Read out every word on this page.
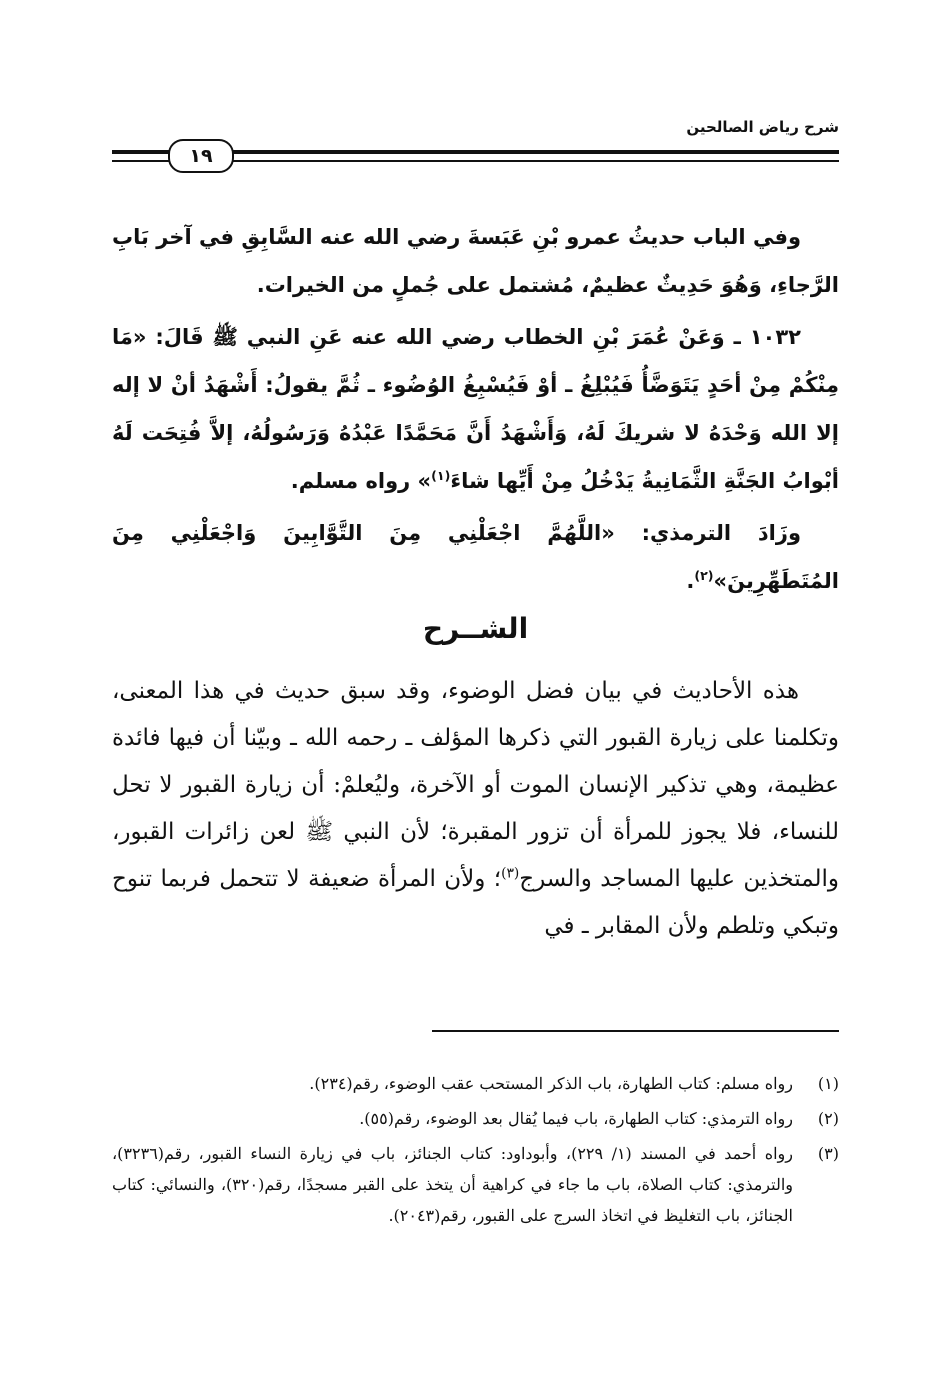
شرح رياض الصالحين
١٩

وفي الباب حديثُ عمرو بْنِ عَبَسةَ رضي الله عنه السَّابِقِ في آخر بَابِ الرَّجاءِ، وَهُوَ حَدِيثٌ عظيمٌ، مُشتمل على جُملٍ من الخيرات.

١٠٣٢ ـ وَعَنْ عُمَرَ بْنِ الخطاب رضي الله عنه عَنِ النبي ﷺ قَالَ: «مَا مِنْكُمْ مِنْ أحَدٍ يَتَوَضَّأُ فَيُبْلِغُ ـ أوْ فَيُسْبِغُ الوُضُوء ـ ثُمَّ يقولُ: أَشْهَدُ أنْ لا إله إلا الله وَحْدَهُ لا شريكَ لَهُ، وَأَشْهَدُ أَنَّ مَحَمَّدًا عَبْدُهُ وَرَسُولُهُ، إلاَّ فُتِحَت لَهُ أبْوابُ الجَنَّةِ الثَّمَانِيةُ يَدْخُلُ مِنْ أَيِّها شاءَ$^{(١)}$» رواه مسلم.

وزَادَ الترمذي: «اللَّهُمَّ اجْعَلْنِي مِنَ التَّوَّابِينَ وَاجْعَلْنِي مِنَ المُتَطَهِّرِينَ»$^{(٢)}$.

الشــرح

هذه الأحاديث في بيان فضل الوضوء، وقد سبق حديث في هذا المعنى، وتكلمنا على زيارة القبور التي ذكرها المؤلف ـ رحمه الله ـ وبيّنا أن فيها فائدة عظيمة، وهي تذكير الإنسان الموت أو الآخرة، وليُعلمْ: أن زيارة القبور لا تحل للنساء، فلا يجوز للمرأة أن تزور المقبرة؛ لأن النبي ﷺ لعن زائرات القبور، والمتخذين عليها المساجد والسرج$^{(٣)}$؛ ولأن المرأة ضعيفة لا تتحمل فربما تنوح وتبكي وتلطم ولأن المقابر ـ في

(١)
رواه مسلم: كتاب الطهارة، باب الذكر المستحب عقب الوضوء، رقم(٢٣٤).
(٢)
رواه الترمذي: كتاب الطهارة، باب فيما يُقال بعد الوضوء، رقم(٥٥).
(٣)
رواه أحمد في المسند (١/ ٢٢٩)، وأبوداود: كتاب الجنائز، باب في زيارة النساء القبور، رقم(٣٢٣٦)، والترمذي: كتاب الصلاة، باب ما جاء في كراهية أن يتخذ على القبر مسجدًا، رقم(٣٢٠)، والنسائي: كتاب الجنائز، باب التغليظ في اتخاذ السرج على القبور، رقم(٢٠٤٣).
